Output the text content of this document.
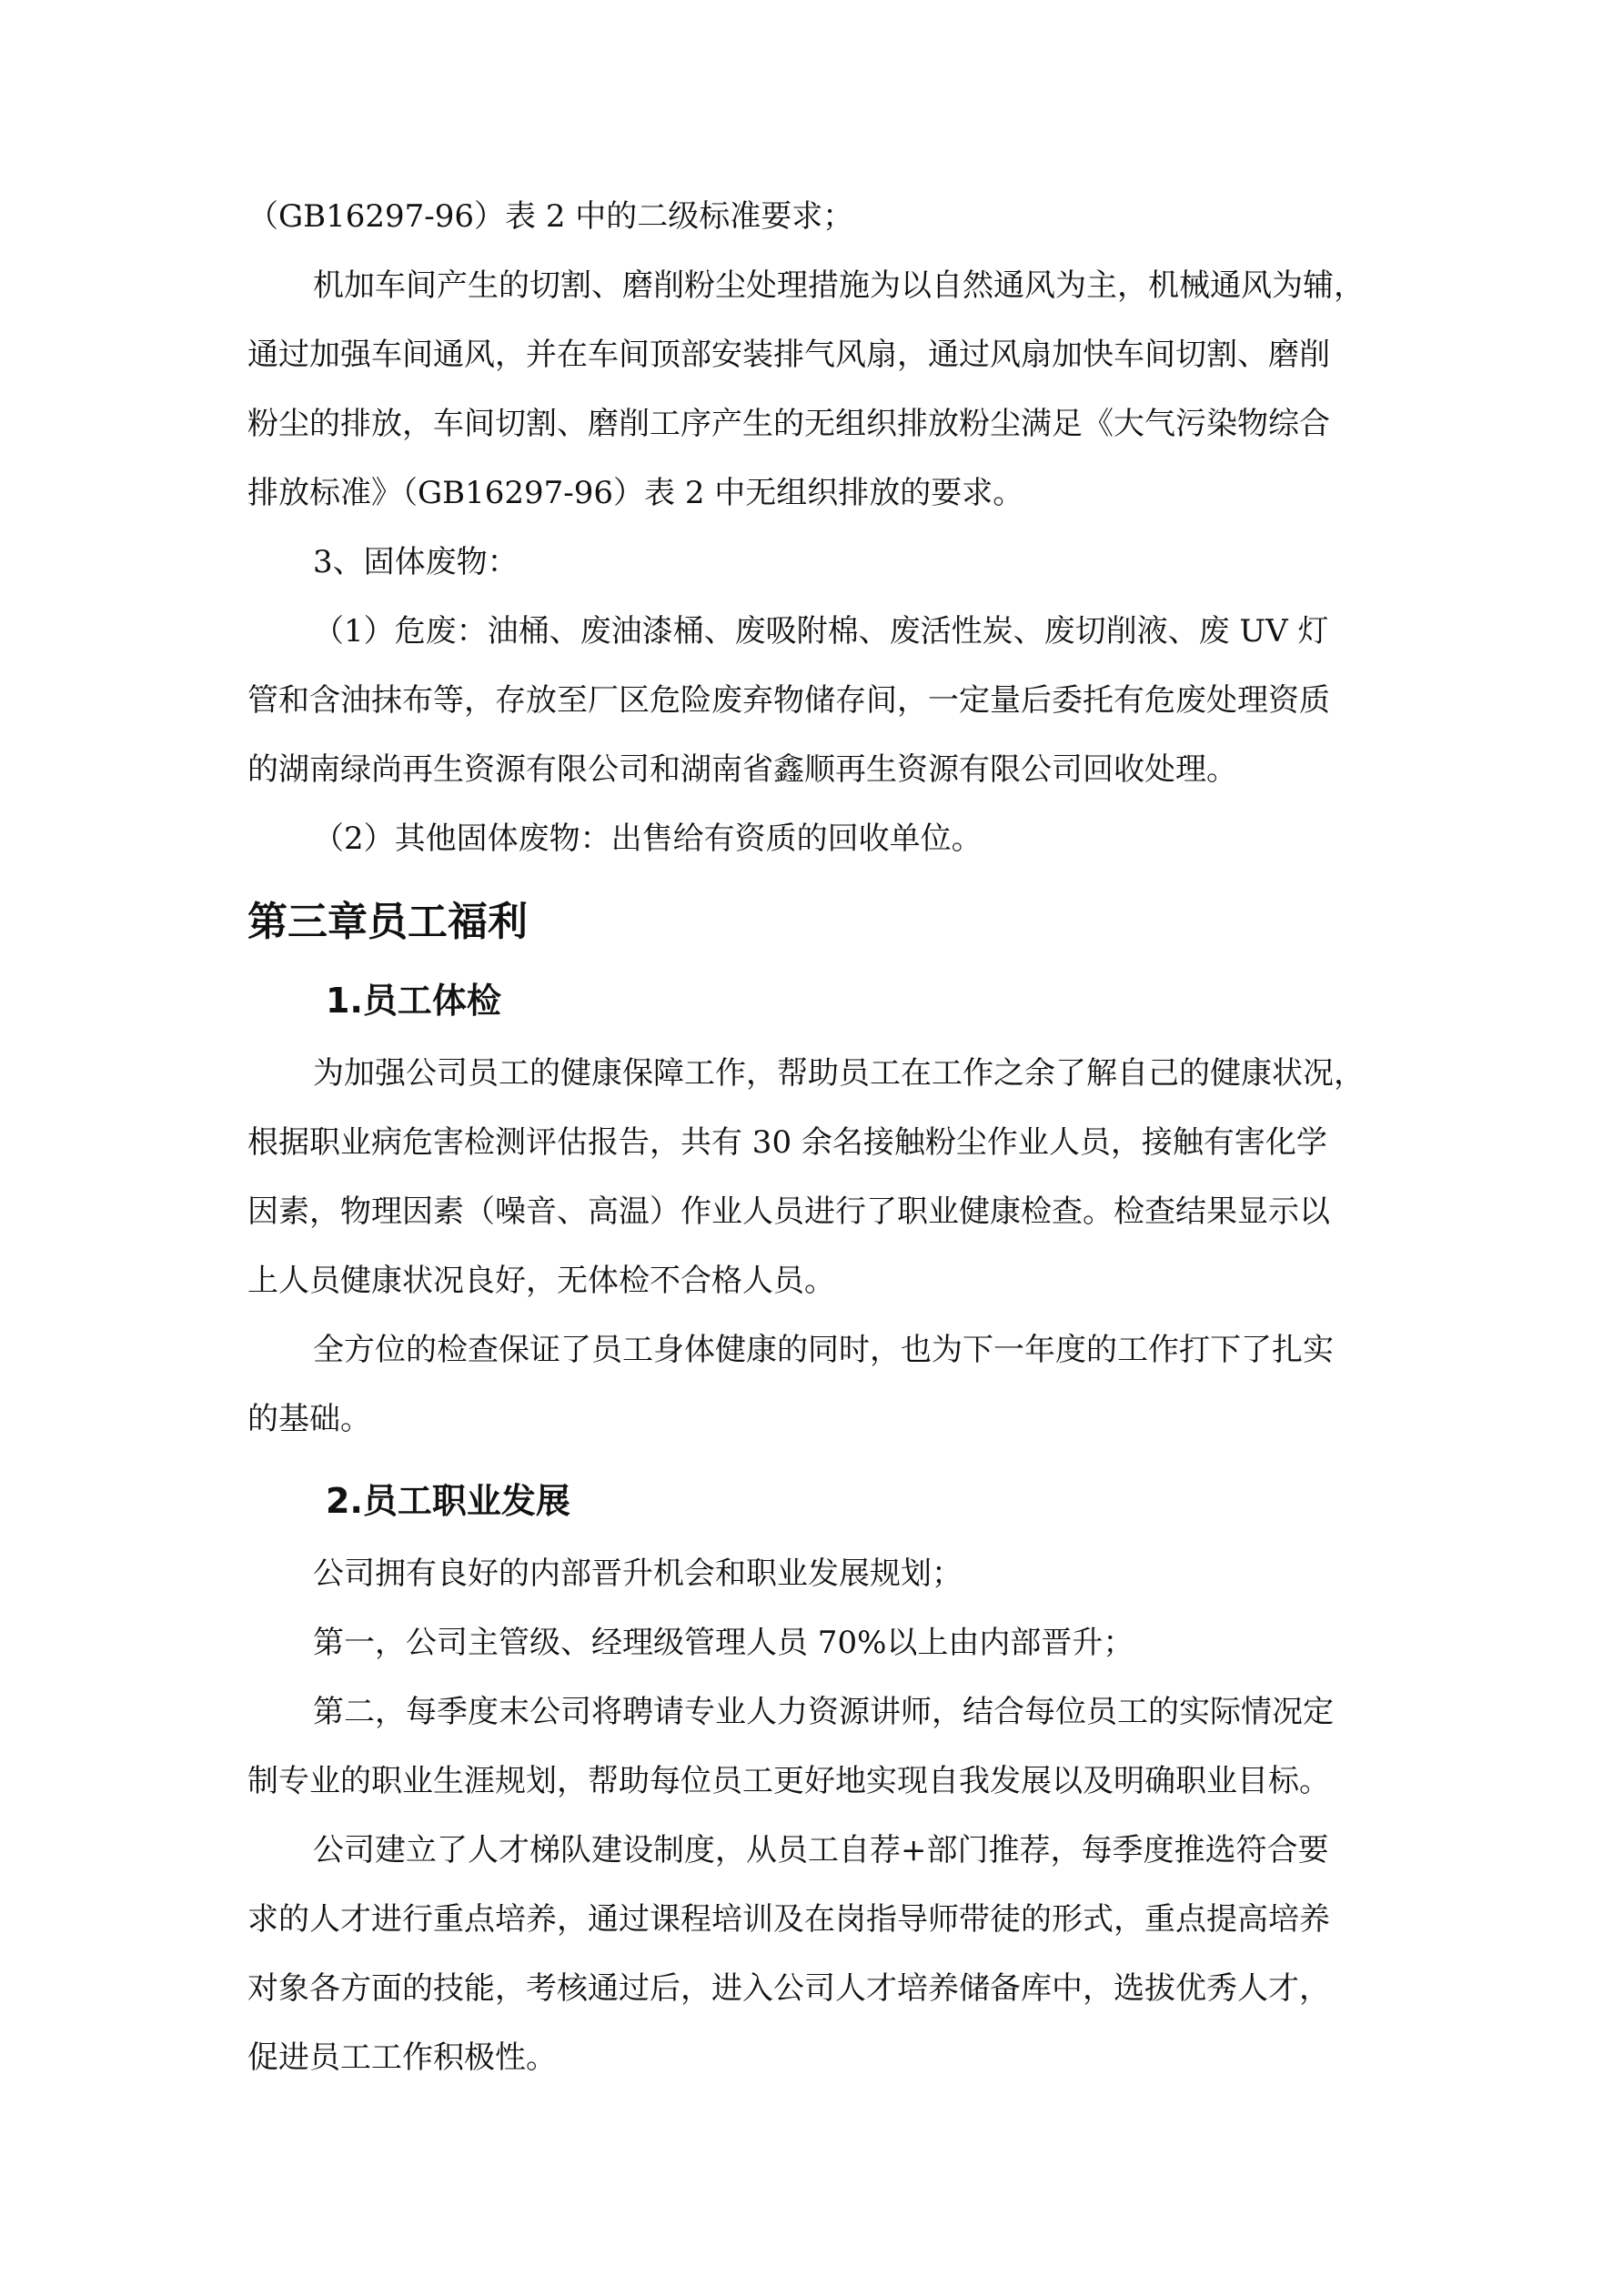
（GB16297-96）表 2 中的二级标准要求；

机加车间产生的切割、磨削粉尘处理措施为以自然通风为主，机械通风为辅，

通过加强车间通风，并在车间顶部安装排气风扇，通过风扇加快车间切割、磨削

粉尘的排放，车间切割、磨削工序产生的无组织排放粉尘满足《大气污染物综合

排放标准》（GB16297-96）表 2 中无组织排放的要求。

3、固体废物：

（1）危废：油桶、废油漆桶、废吸附棉、废活性炭、废切削液、废 UV 灯

管和含油抹布等，存放至厂区危险废弃物储存间，一定量后委托有危废处理资质

的湖南绿尚再生资源有限公司和湖南省鑫顺再生资源有限公司回收处理。

（2）其他固体废物：出售给有资质的回收单位。

第三章员工福利
1.员工体检

为加强公司员工的健康保障工作，帮助员工在工作之余了解自己的健康状况，

根据职业病危害检测评估报告，共有 30 余名接触粉尘作业人员，接触有害化学

因素，物理因素（噪音、高温）作业人员进行了职业健康检查。检查结果显示以

上人员健康状况良好，无体检不合格人员。

全方位的检查保证了员工身体健康的同时，也为下一年度的工作打下了扎实

的基础。

2.员工职业发展

公司拥有良好的内部晋升机会和职业发展规划；

第一，公司主管级、经理级管理人员 70%以上由内部晋升；

第二，每季度末公司将聘请专业人力资源讲师，结合每位员工的实际情况定

制专业的职业生涯规划，帮助每位员工更好地实现自我发展以及明确职业目标。

公司建立了人才梯队建设制度，从员工自荐+部门推荐，每季度推选符合要

求的人才进行重点培养，通过课程培训及在岗指导师带徒的形式，重点提高培养

对象各方面的技能，考核通过后，进入公司人才培养储备库中，选拔优秀人才，

促进员工工作积极性。
